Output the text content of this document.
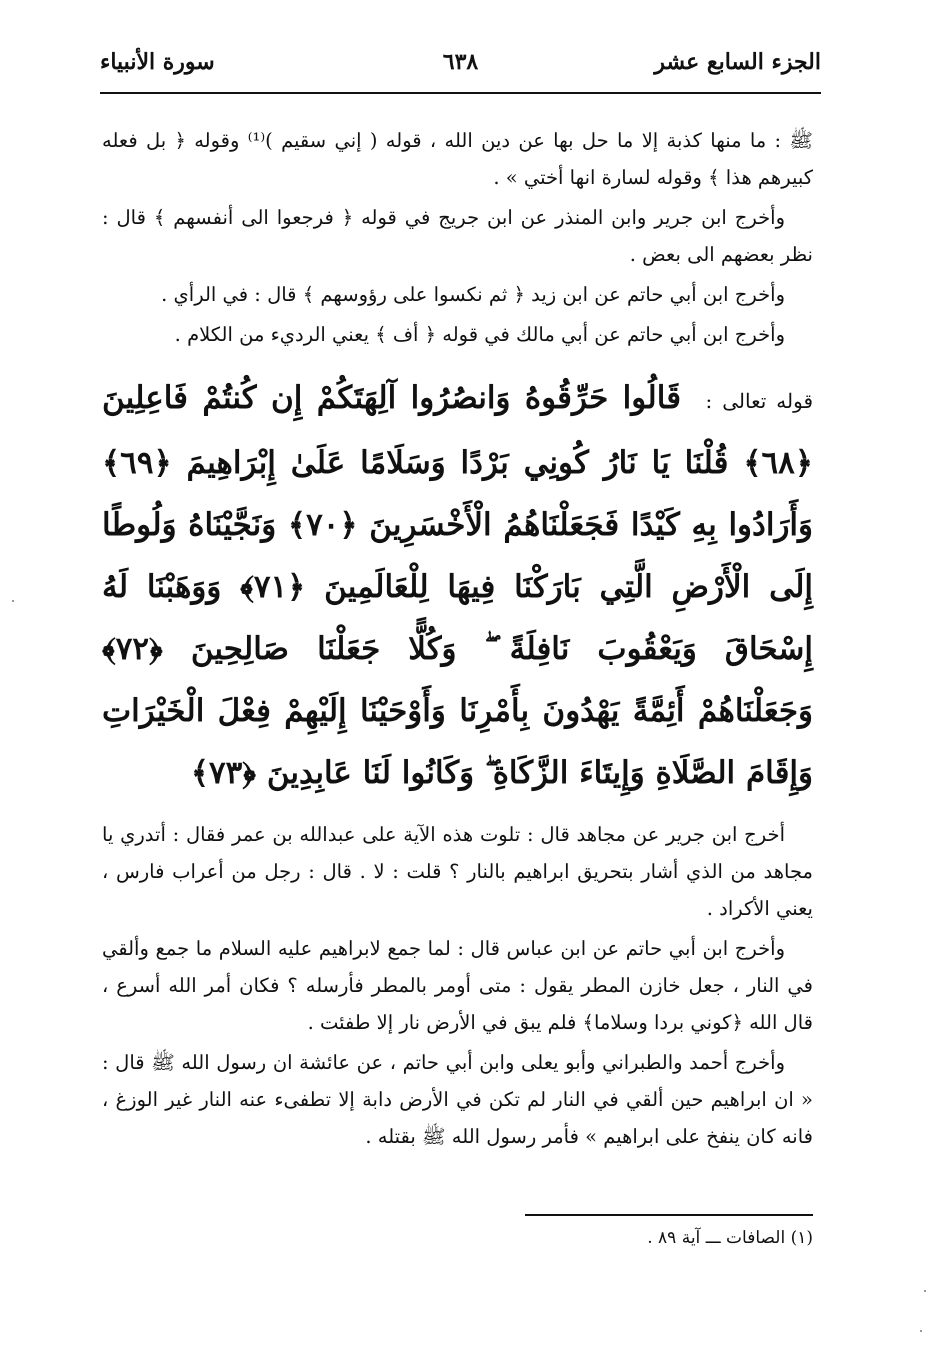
الجزء السابع عشر
٦٣٨
سورة الأنبياء

ﷺ : ما منها كذبة إلا ما حل بها عن دين الله ، قوله ( إني سقيم )⁽¹⁾ وقوله ﴿ بل فعله كبيرهم هذا ﴾ وقوله لسارة انها أختي » .

وأخرج ابن جرير وابن المنذر عن ابن جريج في قوله ﴿ فرجعوا الى أنفسهم ﴾ قال : نظر بعضهم الى بعض .

وأخرج ابن أبي حاتم عن ابن زيد ﴿ ثم نكسوا على رؤوسهم ﴾ قال : في الرأي .

وأخرج ابن أبي حاتم عن أبي مالك في قوله ﴿ أف ﴾ يعني الرديء من الكلام .

قوله تعالى : قَالُوا حَرِّقُوهُ وَانصُرُوا آلِهَتَكُمْ إِن كُنتُمْ فَاعِلِينَ ﴿٦٨﴾ قُلْنَا يَا نَارُ كُونِي بَرْدًا وَسَلَامًا عَلَىٰ إِبْرَاهِيمَ ﴿٦٩﴾ وَأَرَادُوا بِهِ كَيْدًا فَجَعَلْنَاهُمُ الْأَخْسَرِينَ ﴿٧٠﴾ وَنَجَّيْنَاهُ وَلُوطًا إِلَى الْأَرْضِ الَّتِي بَارَكْنَا فِيهَا لِلْعَالَمِينَ ﴿٧١﴾ وَوَهَبْنَا لَهُ إِسْحَاقَ وَيَعْقُوبَ نَافِلَةً ۖ وَكُلًّا جَعَلْنَا صَالِحِينَ ﴿٧٢﴾ وَجَعَلْنَاهُمْ أَئِمَّةً يَهْدُونَ بِأَمْرِنَا وَأَوْحَيْنَا إِلَيْهِمْ فِعْلَ الْخَيْرَاتِ وَإِقَامَ الصَّلَاةِ وَإِيتَاءَ الزَّكَاةِ ۖ وَكَانُوا لَنَا عَابِدِينَ ﴿٧٣﴾

أخرج ابن جرير عن مجاهد قال : تلوت هذه الآية على عبدالله بن عمر فقال : أتدري يا مجاهد من الذي أشار بتحريق ابراهيم بالنار ؟ قلت : لا . قال : رجل من أعراب فارس ، يعني الأكراد .

وأخرج ابن أبي حاتم عن ابن عباس قال : لما جمع لابراهيم عليه السلام ما جمع وألقي في النار ، جعل خازن المطر يقول : متى أومر بالمطر فأرسله ؟ فكان أمر الله أسرع ، قال الله ﴿كوني بردا وسلاما﴾ فلم يبق في الأرض نار إلا طفئت .

وأخرج أحمد والطبراني وأبو يعلى وابن أبي حاتم ، عن عائشة ان رسول الله ﷺ قال : « ان ابراهيم حين ألقي في النار لم تكن في الأرض دابة إلا تطفىء عنه النار غير الوزغ ، فانه كان ينفخ على ابراهيم » فأمر رسول الله ﷺ بقتله .

(١) الصافات ـــ آية ٨٩ .
